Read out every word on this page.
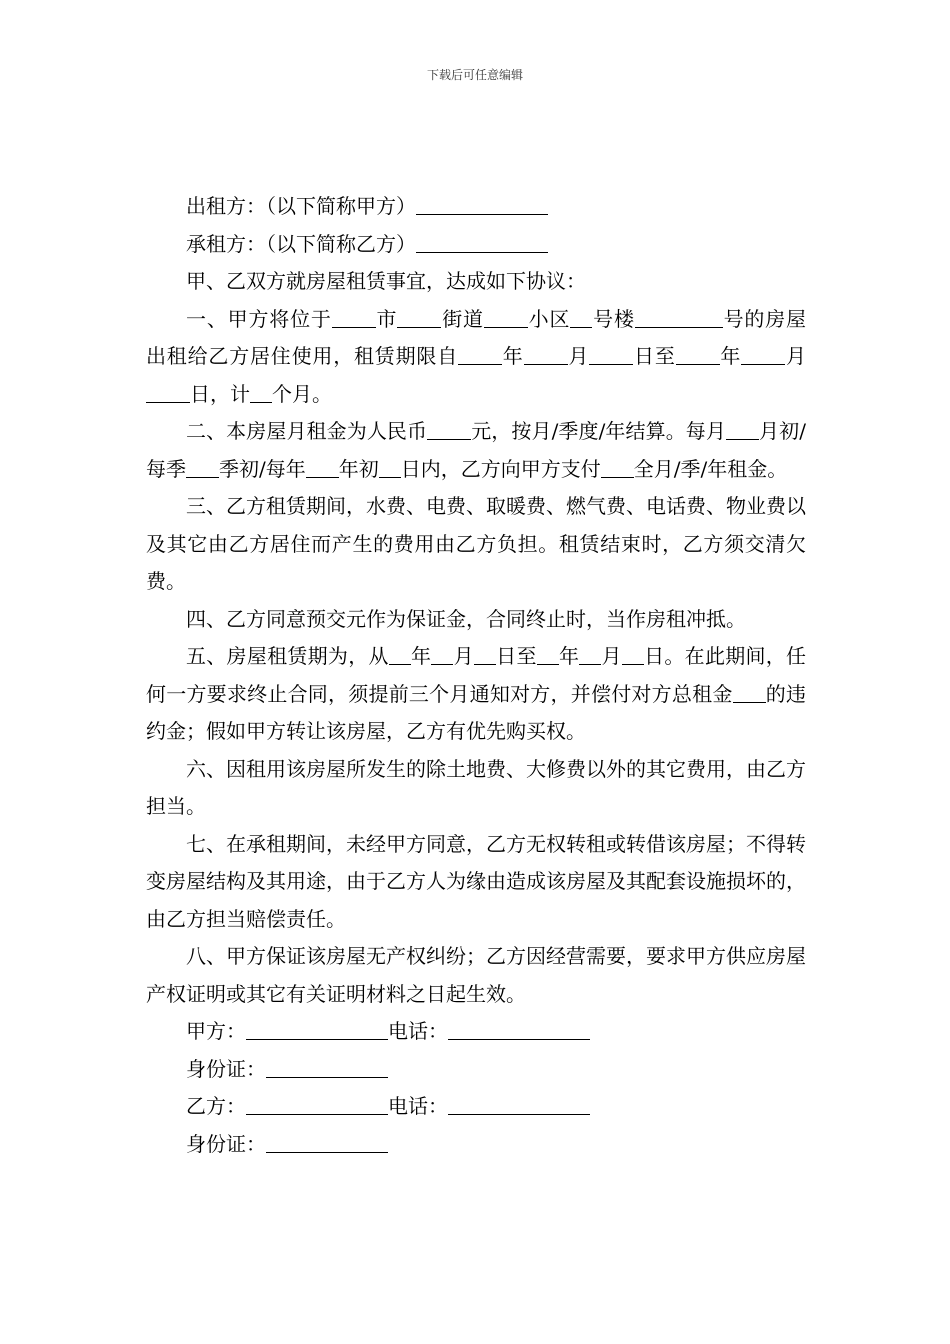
下载后可任意编辑

出租方：（以下简称甲方）

承租方：（以下简称乙方）

甲、乙双方就房屋租赁事宜，达成如下协议：

一、甲方将位于 市 街道 小区 号楼	号的房屋出租给乙方居住使用，租赁期限自 年 月 日至 年 月日，计 个月。

二、本房屋月租金为人民币 元，按月/季度/年结算。每月 月初/每季 季初/每年 年初 日内，乙方向甲方支付 全月/季/年租金。

三、乙方租赁期间，水费、电费、取暖费、燃气费、电话费、物业费以及其它由乙方居住而产生的费用由乙方负担。租赁结束时，乙方须交清欠费。

四、乙方同意预交元作为保证金，合同终止时，当作房租冲抵。

五、房屋租赁期为，从 年 月 日至 年 月 日。在此期间，任何一方要求终止合同，须提前三个月通知对方，并偿付对方总租金 的违约金；假如甲方转让该房屋，乙方有优先购买权。

六、因租用该房屋所发生的除土地费、大修费以外的其它费用，由乙方担当。

七、在承租期间，未经甲方同意，乙方无权转租或转借该房屋；不得转变房屋结构及其用途，由于乙方人为缘由造成该房屋及其配套设施损坏的，由乙方担当赔偿责任。

八、甲方保证该房屋无产权纠纷；乙方因经营需要，要求甲方供应房屋产权证明或其它有关证明材料之日起生效。

甲方：	电话：

身份证：

乙方：	电话：

身份证：
